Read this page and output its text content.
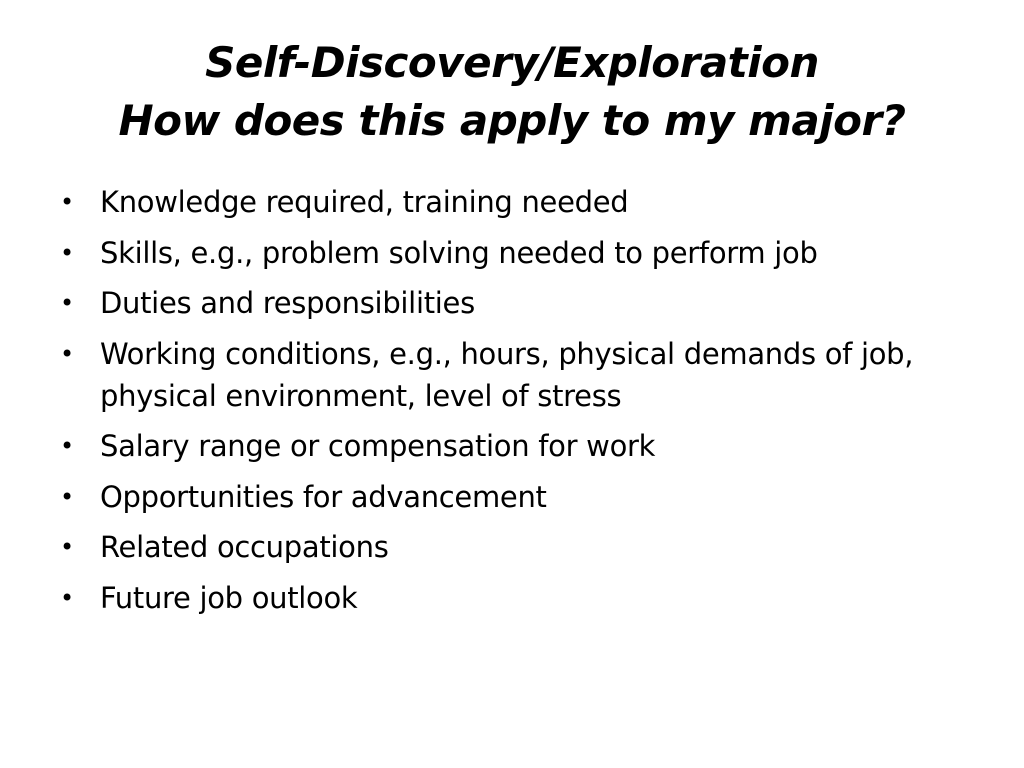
Self-Discovery/Exploration
How does this apply to my major?
• Knowledge required, training needed
• Skills, e.g., problem solving needed to perform job
• Duties and responsibilities
• Working conditions, e.g., hours, physical demands of job, physical environment, level of stress
• Salary range or compensation for work
• Opportunities for advancement
• Related occupations
• Future job outlook
